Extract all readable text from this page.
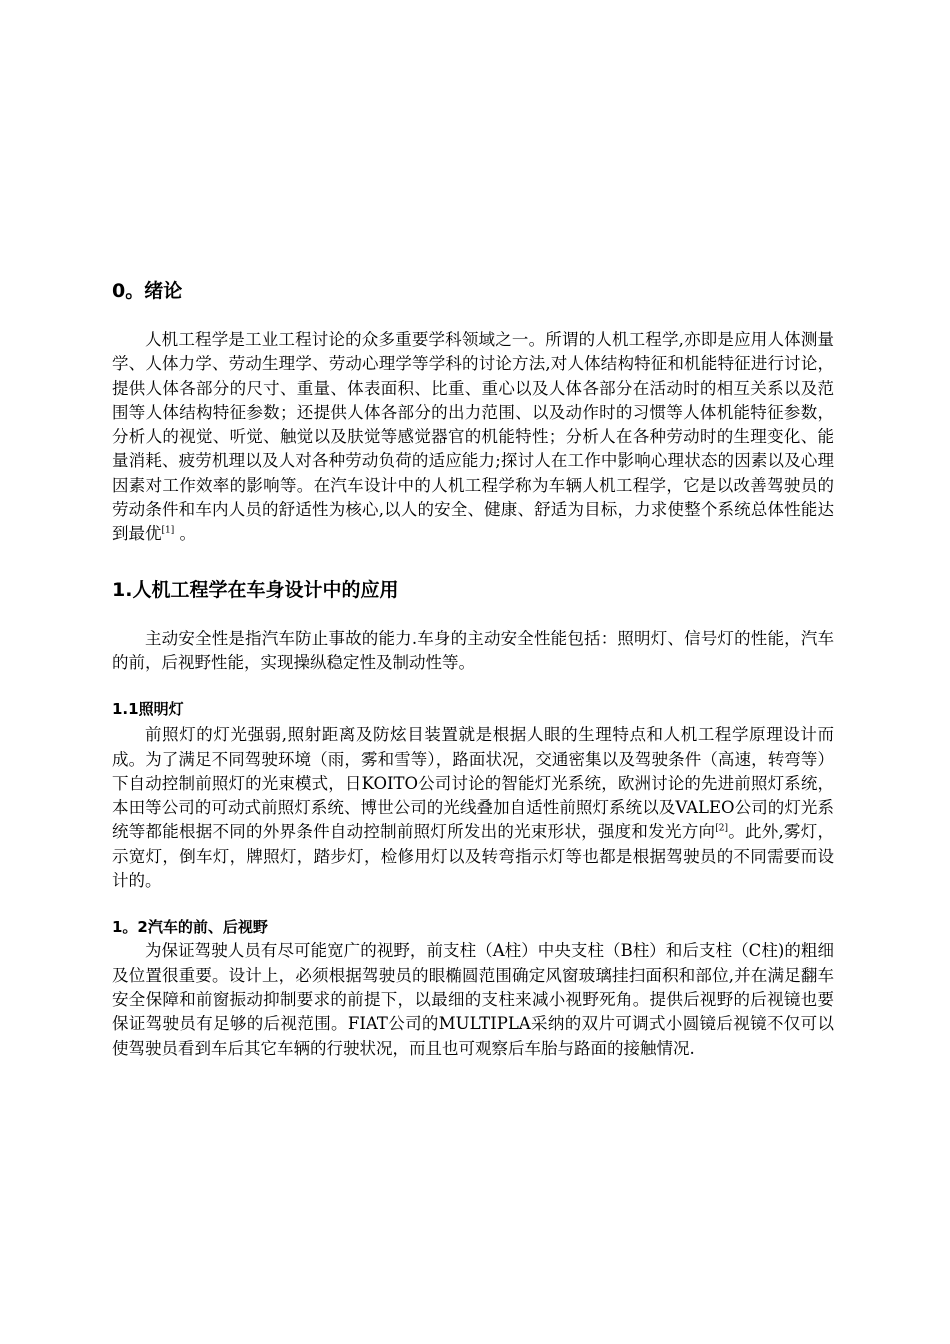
0。绪论

人机工程学是工业工程讨论的众多重要学科领域之一。所谓的人机工程学,亦即是应用人体测量学、人体力学、劳动生理学、劳动心理学等学科的讨论方法,对人体结构特征和机能特征进行讨论，提供人体各部分的尺寸、重量、体表面积、比重、重心以及人体各部分在活动时的相互关系以及范围等人体结构特征参数；还提供人体各部分的出力范围、以及动作时的习惯等人体机能特征参数，分析人的视觉、听觉、触觉以及肤觉等感觉器官的机能特性；分析人在各种劳动时的生理变化、能量消耗、疲劳机理以及人对各种劳动负荷的适应能力;探讨人在工作中影响心理状态的因素以及心理因素对工作效率的影响等。在汽车设计中的人机工程学称为车辆人机工程学，它是以改善驾驶员的劳动条件和车内人员的舒适性为核心,以人的安全、健康、舒适为目标，力求使整个系统总体性能达到最优[1] 。

1.人机工程学在车身设计中的应用

主动安全性是指汽车防止事故的能力.车身的主动安全性能包括：照明灯、信号灯的性能，汽车的前，后视野性能，实现操纵稳定性及制动性等。

1.1照明灯

前照灯的灯光强弱,照射距离及防炫目装置就是根据人眼的生理特点和人机工程学原理设计而成。为了满足不同驾驶环境（雨，雾和雪等），路面状况，交通密集以及驾驶条件（高速，转弯等）下自动控制前照灯的光束模式，日KOITO公司讨论的智能灯光系统，欧洲讨论的先进前照灯系统，本田等公司的可动式前照灯系统、博世公司的光线叠加自适性前照灯系统以及VALEO公司的灯光系统等都能根据不同的外界条件自动控制前照灯所发出的光束形状，强度和发光方向[2]。此外,雾灯，示宽灯，倒车灯，牌照灯，踏步灯，检修用灯以及转弯指示灯等也都是根据驾驶员的不同需要而设计的。

1。2汽车的前、后视野

为保证驾驶人员有尽可能宽广的视野，前支柱（A柱）中央支柱（B柱）和后支柱（C柱)的粗细及位置很重要。设计上，必须根据驾驶员的眼椭圆范围确定风窗玻璃挂扫面积和部位,并在满足翻车安全保障和前窗振动抑制要求的前提下，以最细的支柱来减小视野死角。提供后视野的后视镜也要保证驾驶员有足够的后视范围。FIAT公司的MULTIPLA采纳的双片可调式小圆镜后视镜不仅可以使驾驶员看到车后其它车辆的行驶状况，而且也可观察后车胎与路面的接触情况.
